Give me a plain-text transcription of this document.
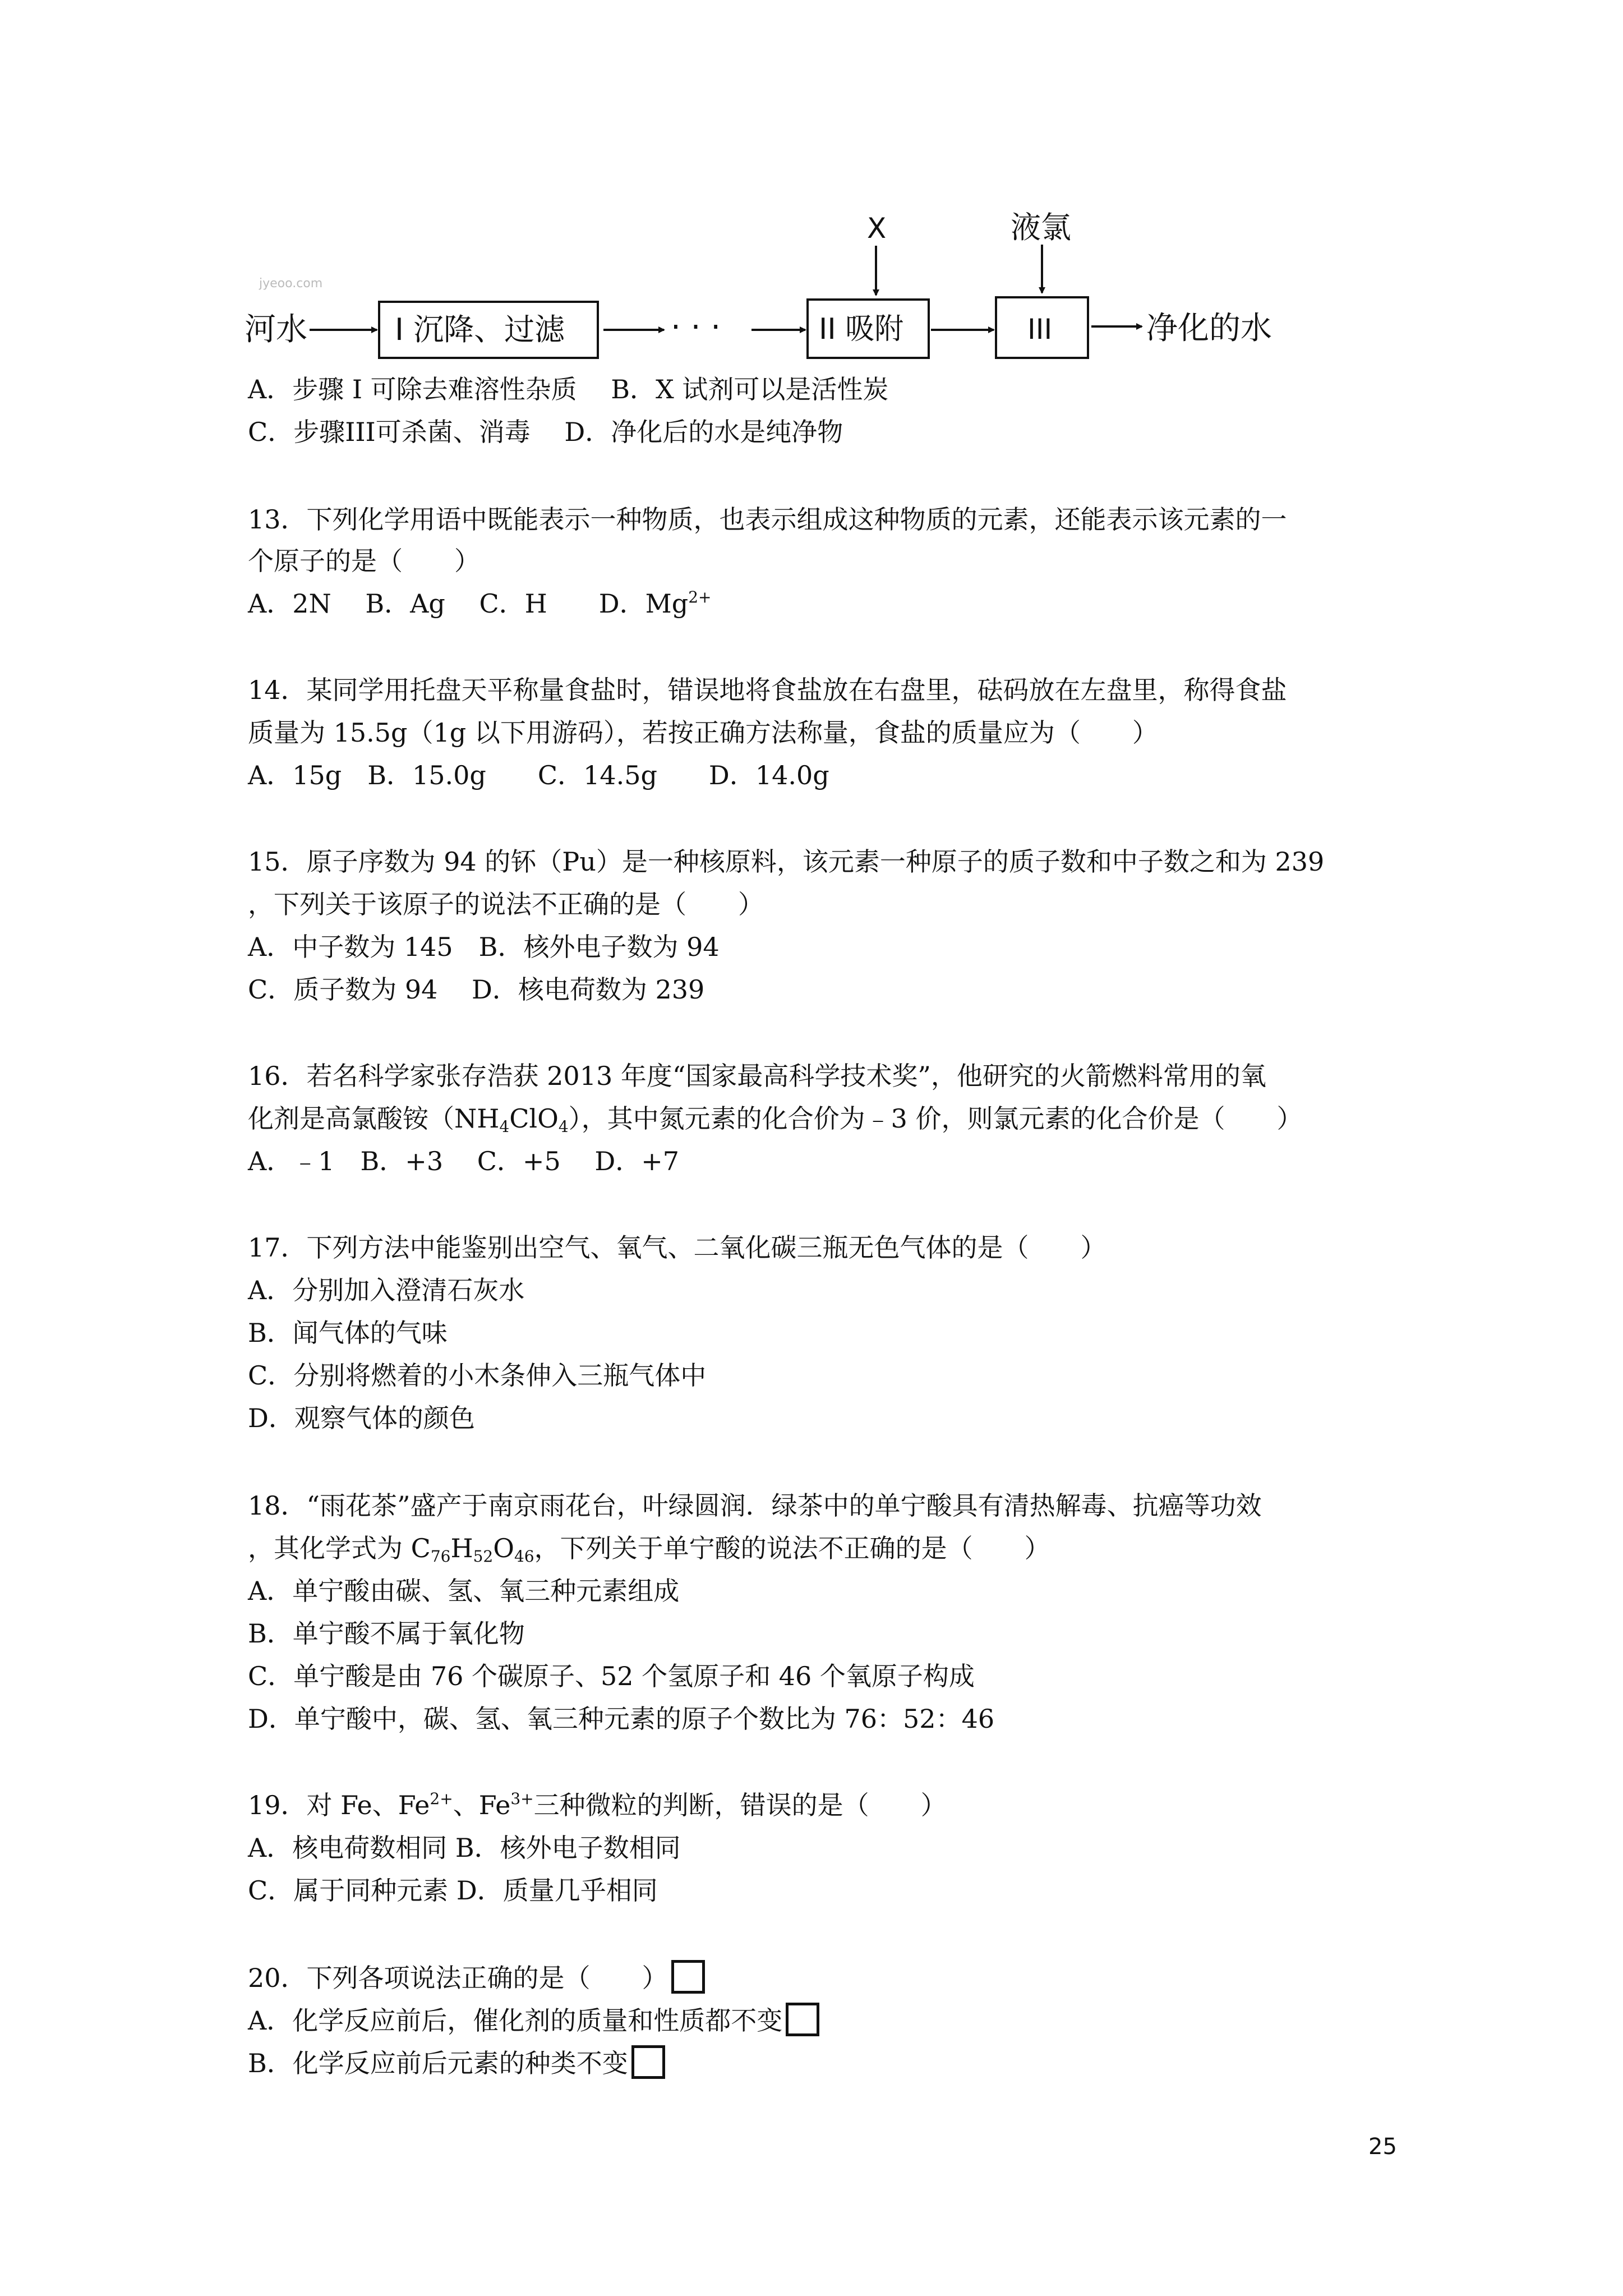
jyeoo.com
河水	I 沉降、过滤	· · ·	II 吸附	III	净化的水
X	液氯
A．步骤 I 可除去难溶性杂质　 B．X 试剂可以是活性炭
C．步骤III可杀菌、消毒　 D．净化后的水是纯净物
13．下列化学用语中既能表示一种物质，也表示组成这种物质的元素，还能表示该元素的一
个原子的是（　　）
A．2N　 B．Ag　 C．H　　D．$Mg^{2+}$
14．某同学用托盘天平称量食盐时，错误地将食盐放在右盘里，砝码放在左盘里，称得食盐
质量为 15.5g（1g 以下用游码），若按正确方法称量，食盐的质量应为（　　）
A．15g　B．15.0g　　C．14.5g　　D．14.0g
15．原子序数为 94 的钚（Pu）是一种核原料，该元素一种原子的质子数和中子数之和为 239
，下列关于该原子的说法不正确的是（　　）
A．中子数为 145　B．核外电子数为 94
C．质子数为 94　 D．核电荷数为 239
16．若名科学家张存浩获 2013 年度“国家最高科学技术奖”，他研究的火箭燃料常用的氧
化剂是高氯酸铵$(NH_4ClO_4)$，其中氮元素的化合价为﹣3 价，则氯元素的化合价是（　　）
A．﹣1　B．+3　 C．+5　 D．+7
17．下列方法中能鉴别出空气、氧气、二氧化碳三瓶无色气体的是（　　）
A．分别加入澄清石灰水
B．闻气体的气味
C．分别将燃着的小木条伸入三瓶气体中
D．观察气体的颜色
18．“雨花茶”盛产于南京雨花台，叶绿圆润．绿茶中的单宁酸具有清热解毒、抗癌等功效
，其化学式为 $C_{76}H_{52}O_{46}$，下列关于单宁酸的说法不正确的是（　　）
A．单宁酸由碳、氢、氧三种元素组成
B．单宁酸不属于氧化物
C．单宁酸是由 76 个碳原子、52 个氢原子和 46 个氧原子构成
D．单宁酸中，碳、氢、氧三种元素的原子个数比为 76：52：46
19．对 Fe、$Fe^{2+}$、$Fe^{3+}$三种微粒的判断，错误的是（　　）
A．核电荷数相同 B．核外电子数相同
C．属于同种元素 D．质量几乎相同
20．下列各项说法正确的是（　　）
A．化学反应前后，催化剂的质量和性质都不变
B．化学反应前后元素的种类不变
25
